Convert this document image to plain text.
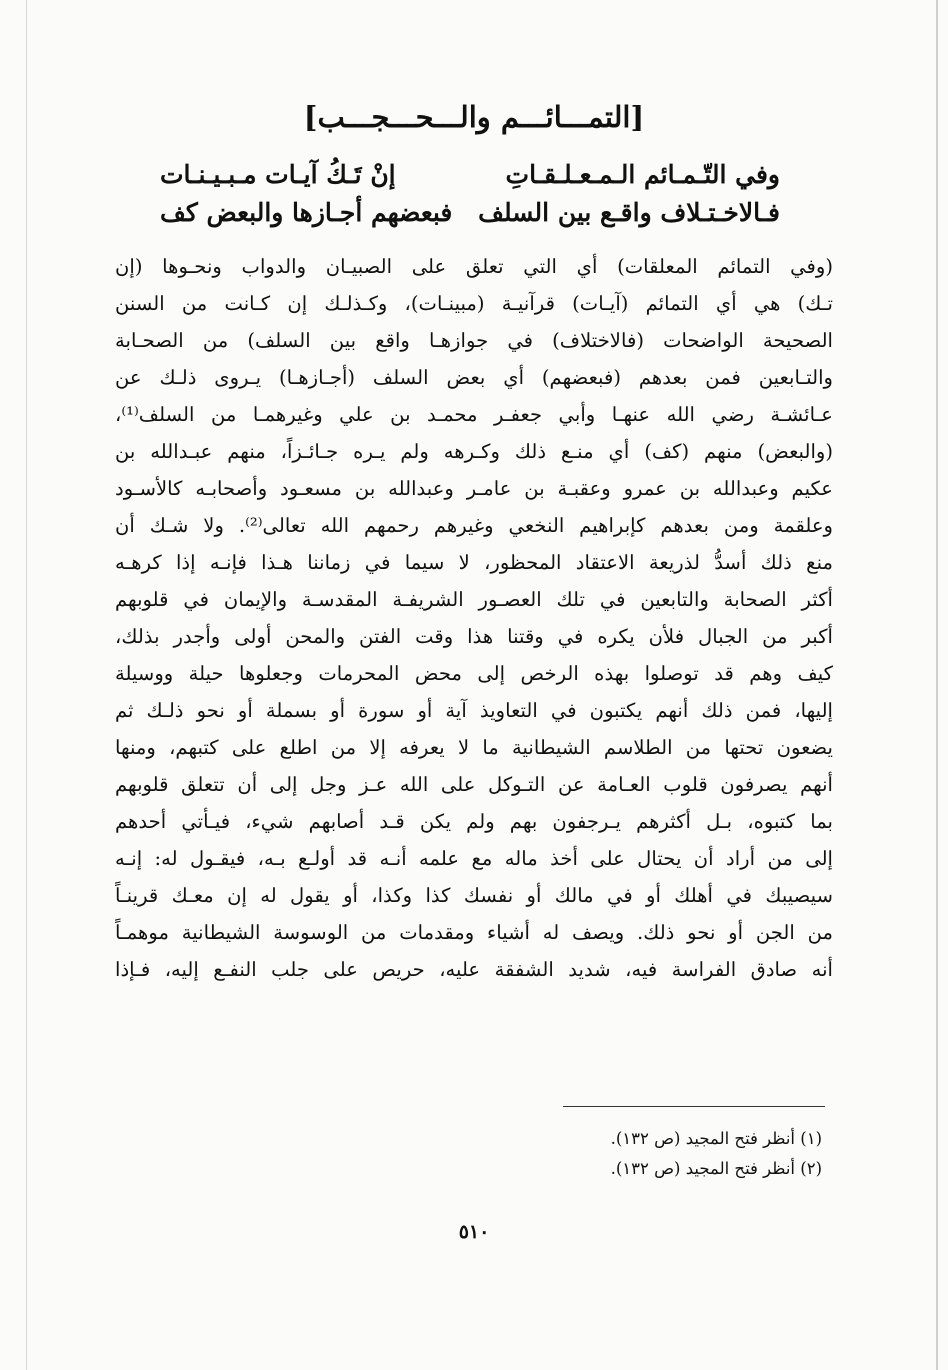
[التمـــائـــم والـــحـــجـــب]
وفي التّـمـائم الـمـعـلـقـاتِ
إنْ تَـكُ آيـات مـبـيـنـات
فـالاخـتـلاف واقـع بين السلف
فبعضهم أجـازها والبعض كف
(وفي التمائم المعلقات) أي التي تعلق على الصبيـان والدواب ونحـوها (إن
تـك) هي أي التمائم (آيـات) قرآنيـة (مبينـات)، وكـذلـك إن كـانت من السنن
الصحيحة الواضحات (فالاختلاف) في جوازهـا واقع بين السلف) من الصحـابة
والتـابعين فمن بعدهم (فبعضهم) أي بعض السلف (أجـازهـا) يـروى ذلـك عن
عـائشـة رضي الله عنهـا وأبي جعفـر محمـد بن علي وغيرهمـا من السلف⁽¹⁾،
(والبعض) منهم (كف) أي منـع ذلك وكـرهه ولم يـره جـائـزاً، منهم عبـدالله بن
عكيم وعبدالله بن عمرو وعقبـة بن عامـر وعبدالله بن مسعـود وأصحابـه كالأسـود
وعلقمة ومن بعدهم كإبراهيم النخعي وغيرهم رحمهم الله تعالى⁽²⁾. ولا شـك أن
منع ذلك أسدُّ لذريعة الاعتقاد المحظور، لا سيما في زماننا هـذا فإنـه إذا كرهـه
أكثر الصحابة والتابعين في تلك العصـور الشريفـة المقدسـة والإيمان في قلوبهم
أكبر من الجبال فلأن يكره في وقتنا هذا وقت الفتن والمحن أولى وأجدر بذلك،
كيف وهم قد توصلوا بهذه الرخص إلى محض المحرمات وجعلوها حيلة ووسيلة
إليها، فمن ذلك أنهم يكتبون في التعاويذ آية أو سورة أو بسملة أو نحو ذلـك ثم
يضعون تحتها من الطلاسم الشيطانية ما لا يعرفه إلا من اطلع على كتبهم، ومنها
أنهم يصرفون قلوب العـامة عن التـوكل على الله عـز وجل إلى أن تتعلق قلوبهم
بما كتبوه، بـل أكثرهم يـرجفون بهم ولم يكن قـد أصابهم شيء، فيـأتي أحدهم
إلى من أراد أن يحتال على أخذ ماله مع علمه أنـه قد أولـع بـه، فيقـول له: إنـه
سيصيبك في أهلك أو في مالك أو نفسك كذا وكذا، أو يقول له إن معـك قرينـاً
من الجن أو نحو ذلك. ويصف له أشياء ومقدمات من الوسوسة الشيطانية موهمـاً
أنه صادق الفراسة فيه، شديد الشفقة عليه، حريص على جلب النفـع إليه، فـإذا
(١) أنظر فتح المجيد (ص ١٣٢).
(٢) أنظر فتح المجيد (ص ١٣٢).
٥١٠
